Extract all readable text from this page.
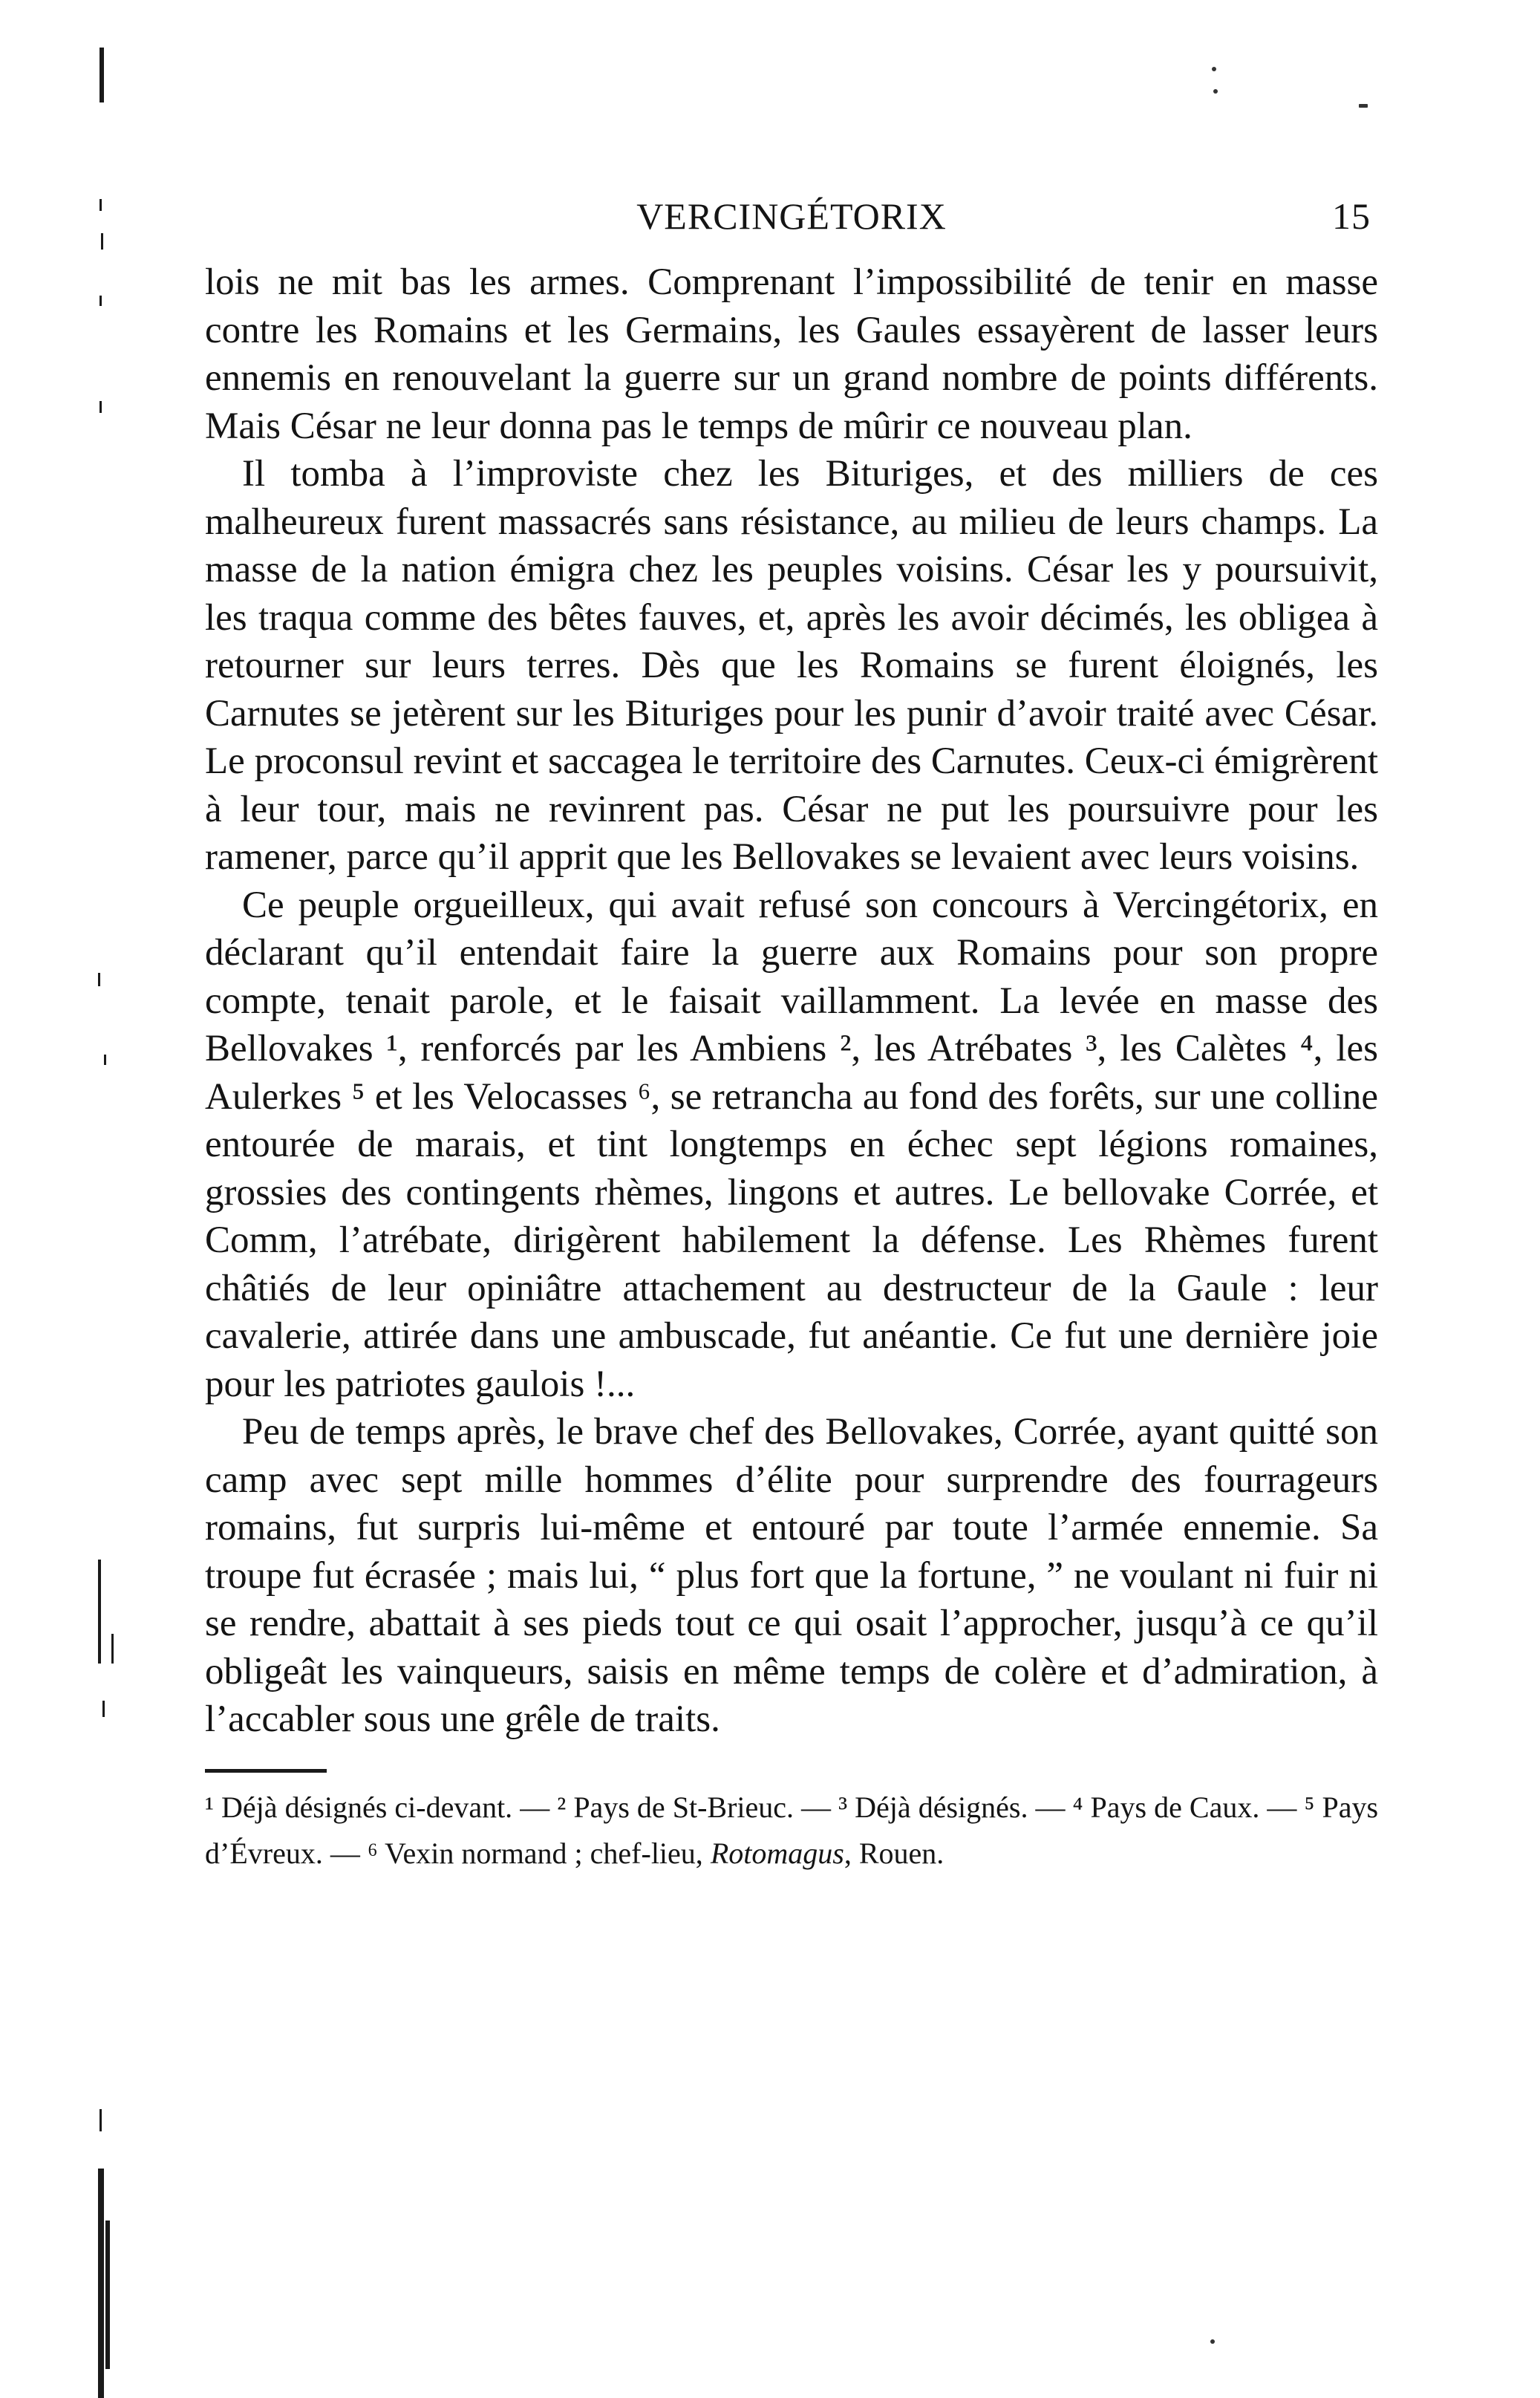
VERCINGÉTORIX	15

lois ne mit bas les armes. Comprenant l’impossibilité de tenir en masse contre les Romains et les Germains, les Gaules essayèrent de lasser leurs ennemis en renouvelant la guerre sur un grand nombre de points différents. Mais César ne leur donna pas le temps de mûrir ce nouveau plan.

Il tomba à l’improviste chez les Bituriges, et des milliers de ces malheureux furent massacrés sans résistance, au milieu de leurs champs. La masse de la nation émigra chez les peuples voisins. César les y poursuivit, les traqua comme des bêtes fauves, et, après les avoir décimés, les obligea à retourner sur leurs terres. Dès que les Romains se furent éloignés, les Carnutes se jetèrent sur les Bituriges pour les punir d’avoir traité avec César. Le proconsul revint et saccagea le territoire des Carnutes. Ceux-ci émigrèrent à leur tour, mais ne revinrent pas. César ne put les poursuivre pour les ramener, parce qu’il apprit que les Bellovakes se levaient avec leurs voisins.

Ce peuple orgueilleux, qui avait refusé son concours à Vercingétorix, en déclarant qu’il entendait faire la guerre aux Romains pour son propre compte, tenait parole, et le faisait vaillamment. La levée en masse des Bellovakes ¹, renforcés par les Ambiens ², les Atrébates ³, les Calètes ⁴, les Aulerkes ⁵ et les Velocasses ⁶, se retrancha au fond des forêts, sur une colline entourée de marais, et tint longtemps en échec sept légions romaines, grossies des contingents rhèmes, lingons et autres. Le bellovake Corrée, et Comm, l’atrébate, dirigèrent habilement la défense. Les Rhèmes furent châtiés de leur opiniâtre attachement au destructeur de la Gaule : leur cavalerie, attirée dans une ambuscade, fut anéantie. Ce fut une dernière joie pour les patriotes gaulois !...

Peu de temps après, le brave chef des Bellovakes, Corrée, ayant quitté son camp avec sept mille hommes d’élite pour surprendre des fourrageurs romains, fut surpris lui-même et entouré par toute l’armée ennemie. Sa troupe fut écrasée ; mais lui, “ plus fort que la fortune, ” ne voulant ni fuir ni se rendre, abattait à ses pieds tout ce qui osait l’approcher, jusqu’à ce qu’il obligeât les vainqueurs, saisis en même temps de colère et d’admiration, à l’accabler sous une grêle de traits.

¹ Déjà désignés ci-devant. — ² Pays de St-Brieuc. — ³ Déjà désignés. — ⁴ Pays de Caux. — ⁵ Pays d’Évreux. — ⁶ Vexin normand ; chef-lieu, Rotomagus, Rouen.
